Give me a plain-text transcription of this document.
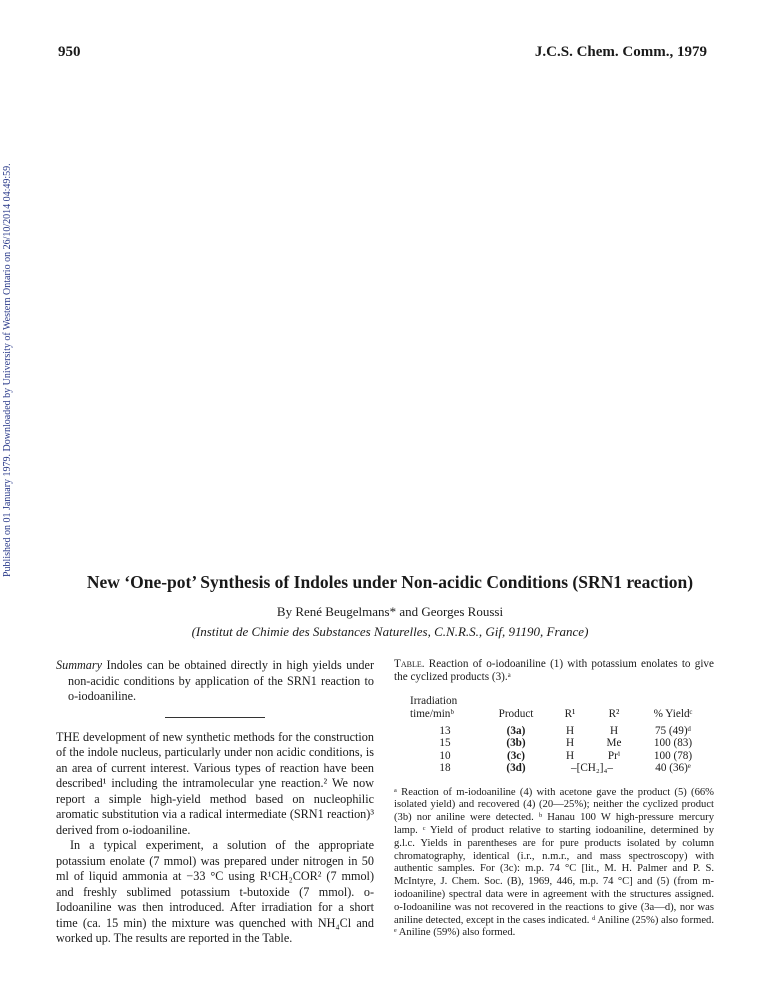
950	J.C.S. Chem. Comm., 1979
Published on 01 January 1979. Downloaded by University of Western Ontario on 26/10/2014 04:49:59.
New ‘One-pot’ Synthesis of Indoles under Non-acidic Conditions (SRN1 reaction)
By René Beugelmans* and Georges Roussi
(Institut de Chimie des Substances Naturelles, C.N.R.S., Gif, 91190, France)

Summary Indoles can be obtained directly in high yields under non-acidic conditions by application of the SRN1 reaction to o-iodoaniline.

THE development of new synthetic methods for the construction of the indole nucleus, particularly under non acidic conditions, is an area of current interest. Various types of reaction have been described¹ including the intramolecular yne reaction.² We now report a simple high-yield method based on nucleophilic aromatic substitution via a radical intermediate (SRN1 reaction)³ derived from o-iodoaniline.

In a typical experiment, a solution of the appropriate potassium enolate (7 mmol) was prepared under nitrogen in 50 ml of liquid ammonia at −33 °C using R¹CH₂COR² (7 mmol) and freshly sublimed potassium t-butoxide (7 mmol). o-Iodoaniline was then introduced. After irradiation for a short time (ca. 15 min) the mixture was quenched with NH₄Cl and worked up. The results are reported in the Table.

Table. Reaction of o-iodoaniline (1) with potassium enolates to give the cyclized products (3).ᵃ

Irradiation time/minᵇ	Product	R¹	R²	% Yieldᶜ
13	(3a)	H	H	75 (49)ᵈ
15	(3b)	H	Me	100 (83)
10	(3c)	H	Prⁱ	100 (78)
18	(3d)	–[CH₂]₄–		40 (36)ᵉ

ᵃ Reaction of m-iodoaniline (4) with acetone gave the product (5) (66% isolated yield) and recovered (4) (20—25%); neither the cyclized product (3b) nor aniline were detected. ᵇ Hanau 100 W high-pressure mercury lamp. ᶜ Yield of product relative to starting iodoaniline, determined by g.l.c. Yields in parentheses are for pure products isolated by column chromatography, identical (i.r., n.m.r., and mass spectroscopy) with authentic samples. For (3c): m.p. 74 °C [lit., M. H. Palmer and P. S. McIntyre, J. Chem. Soc. (B), 1969, 446, m.p. 74 °C] and (5) (from m-iodoaniline) spectral data were in agreement with the structures assigned. o-Iodoaniline was not recovered in the reactions to give (3a—d), nor was aniline detected, except in the cases indicated. ᵈ Aniline (25%) also formed. ᵉ Aniline (59%) also formed.
